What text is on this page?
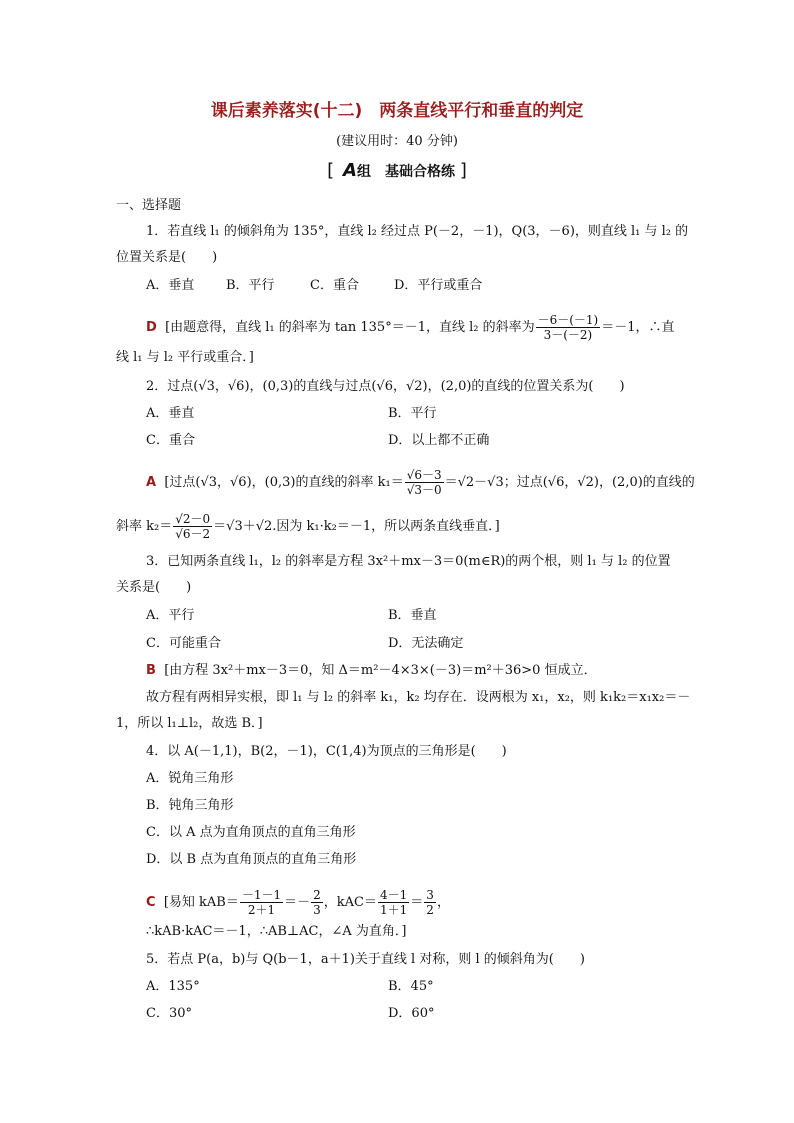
课后素养落实(十二)　两条直线平行和垂直的判定
(建议用时：40 分钟)
[ A组　基础合格练 ]
一、选择题
1．若直线 l₁ 的倾斜角为 135°，直线 l₂ 经过点 P(－2，－1)，Q(3，－6)，则直线 l₁ 与 l₂ 的
位置关系是(　　)
A．垂直 B．平行	C．重合	D．平行或重合
D [由题意得，直线 l₁ 的斜率为 tan 135°＝－1，直线 l₂ 的斜率为 $\frac{-6-(-1)}{3-(-2)} =-1$，∴直
线 l₁ 与 l₂ 平行或重合．]
2．过点(√3，√6)，(0,3)的直线与过点(√6，√2)，(2,0)的直线的位置关系为(　　)
A．垂直	B．平行
C．重合	D．以上都不正确
A [过点(√3，√6)，(0,3)的直线的斜率 $k_1= \frac{√6-3}{√3-0} =√2-√3$；过点(√6，√2)，(2,0)的直线的
斜率 $k_2= \frac{√2-0}{√6-2} =√3+√2$.因为 k₁·k₂＝－1，所以两条直线垂直．]
3．已知两条直线 l₁，l₂ 的斜率是方程 3x²＋mx－3＝0(m∈R)的两个根，则 l₁ 与 l₂ 的位置
关系是(　　)
A．平行	B．垂直
C．可能重合	D．无法确定
B [由方程 3x²＋mx－3＝0，知 Δ＝m²－4×3×(－3)＝m²＋36>0 恒成立．
故方程有两相异实根，即 l₁ 与 l₂ 的斜率 k₁，k₂ 均存在．设两根为 x₁，x₂，则 k₁k₂＝x₁x₂＝－
1，所以 l₁⊥l₂，故选 B．]
4．以 A(－1,1)，B(2，－1)，C(1,4)为顶点的三角形是(　　)
A．锐角三角形
B．钝角三角形
C．以 A 点为直角顶点的直角三角形
D．以 B 点为直角顶点的直角三角形
C [易知 $kAB= \frac{-1-1}{2+1} =- \frac{2}{3}$ ，$kAC= \frac{4-1}{1+1} = \frac{3}{2}$ ，
∴kAB·kAC＝－1，∴AB⊥AC，∠A 为直角．]
5．若点 P(a，b)与 Q(b－1，a＋1)关于直线 l 对称，则 l 的倾斜角为(　　)
A．135°	B．45°
C．30°	D．60°
